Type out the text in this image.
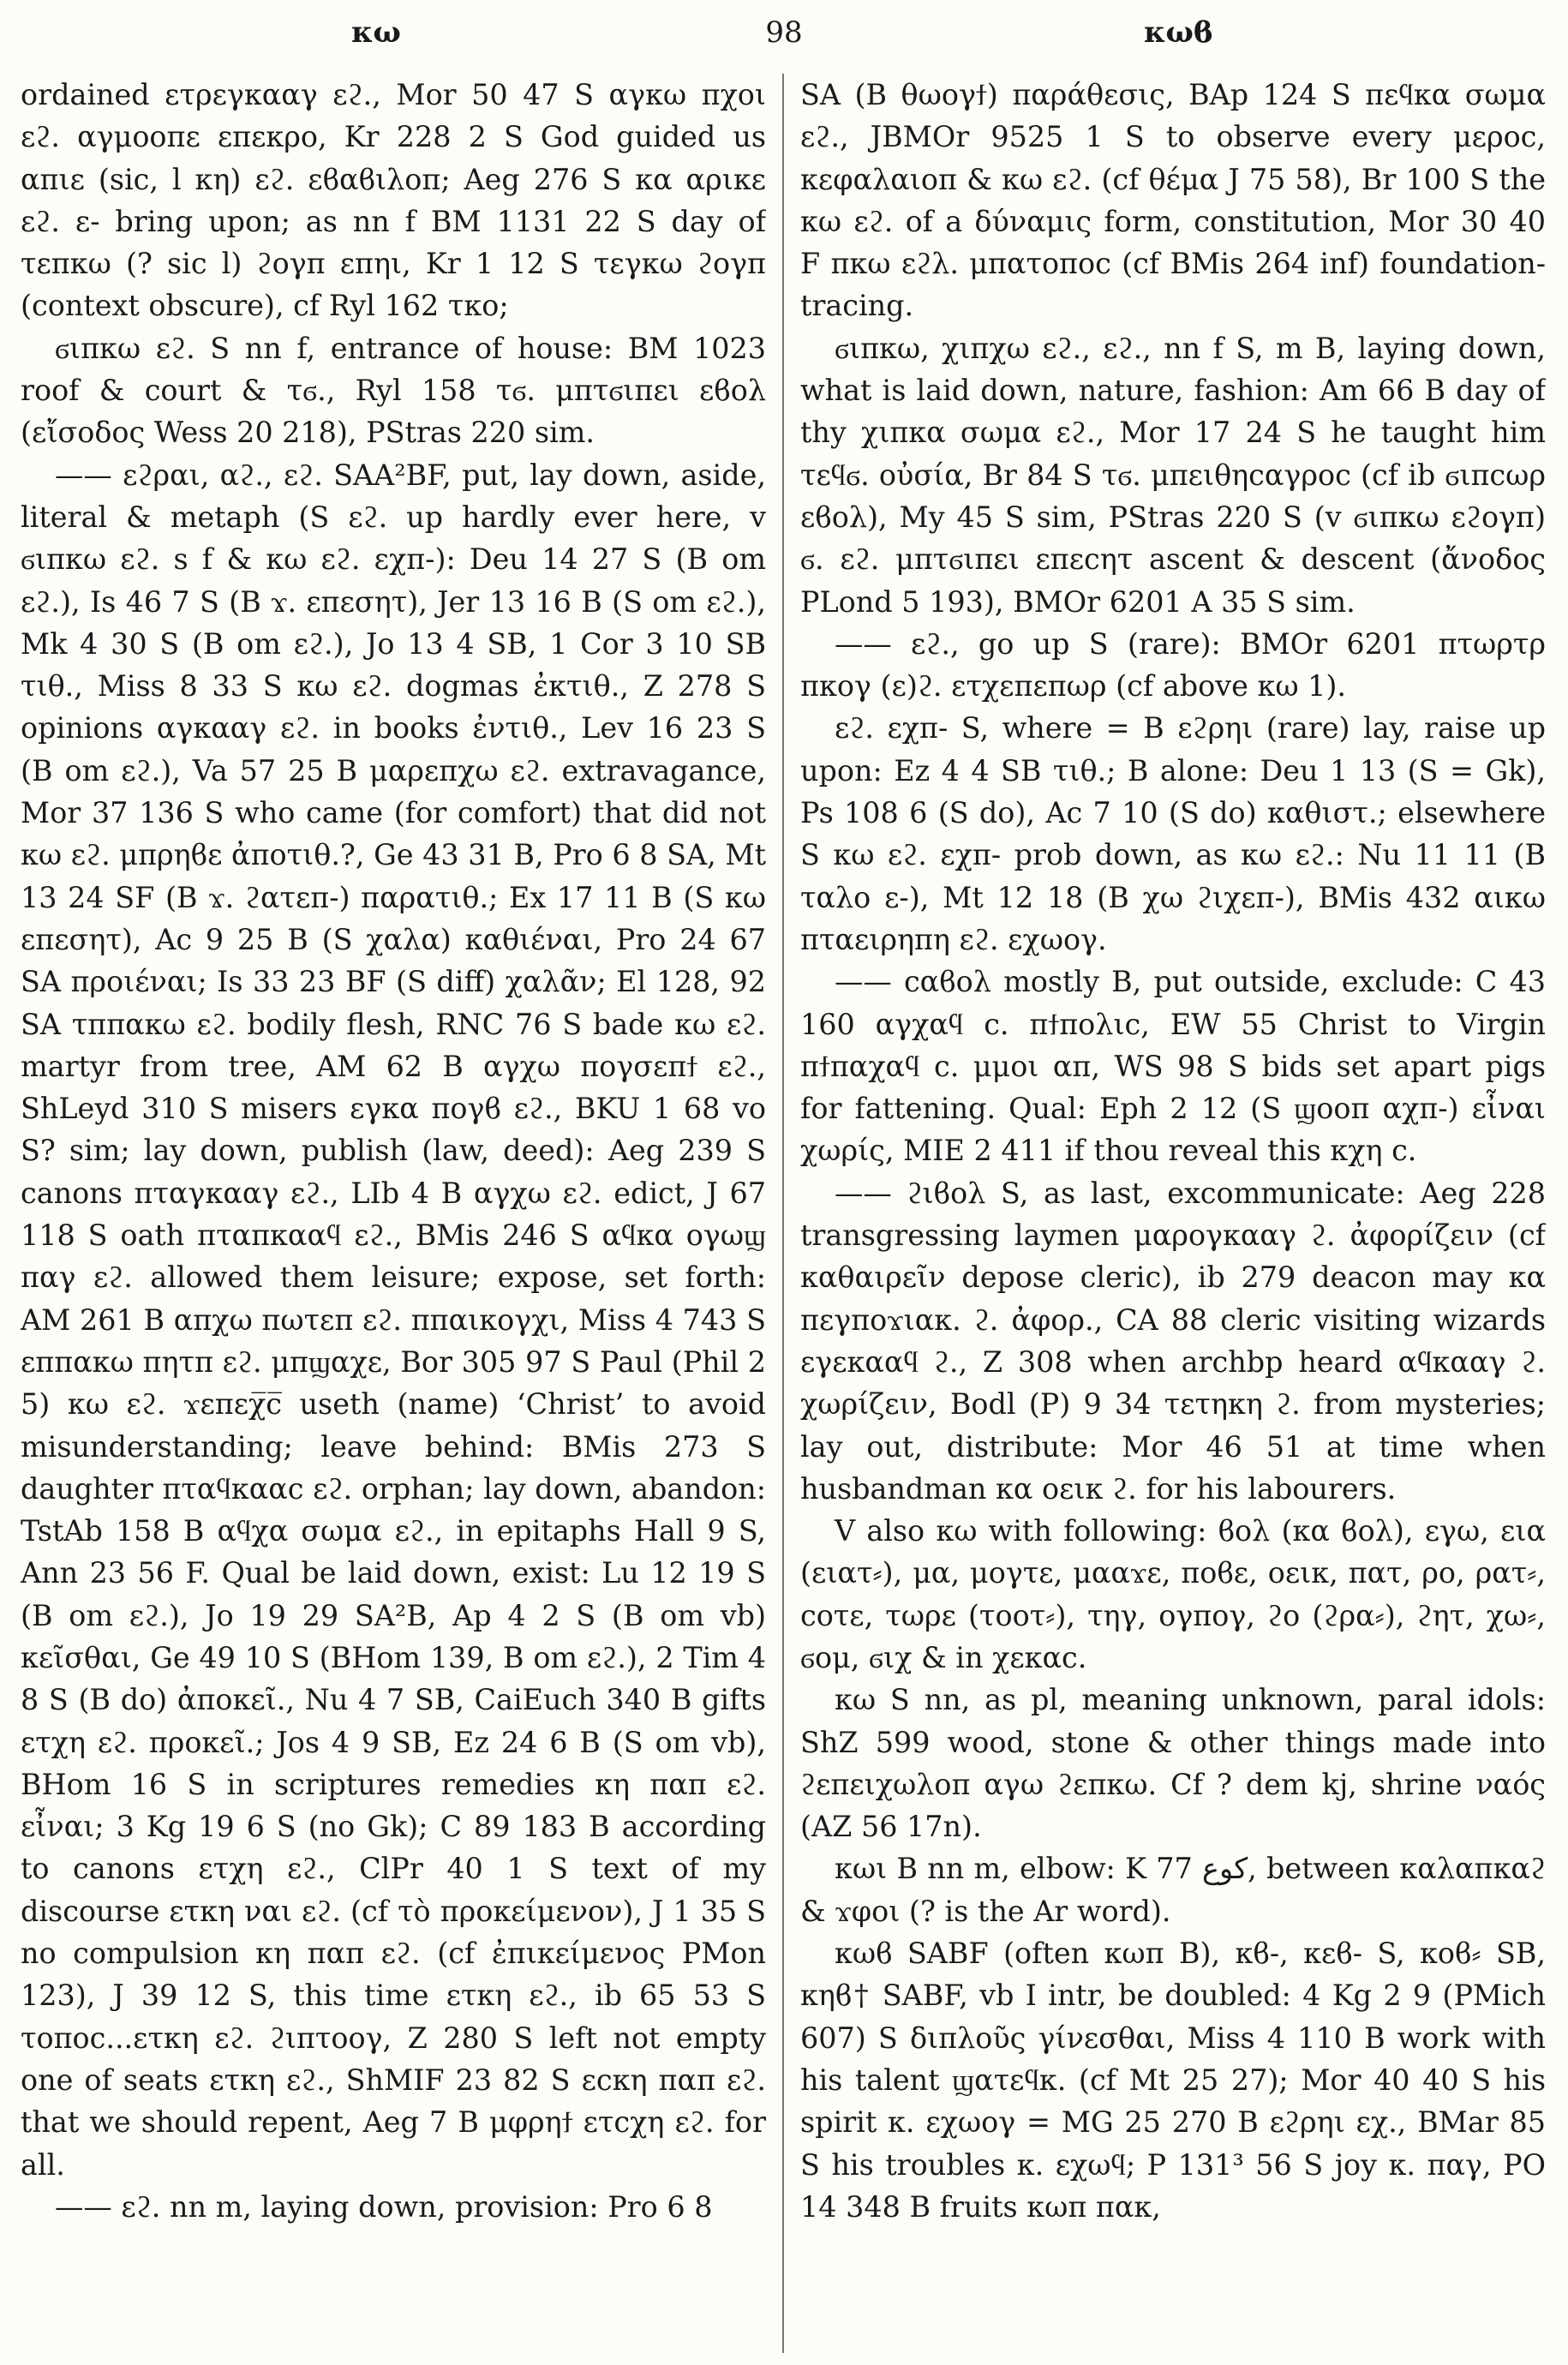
98
κω	κωϐ

ordained ετρεγκααγ εϩ., Mor 50 47 S αγκω πχοι εϩ. αγμοοπε επεκρο, Kr 228 2 S God guided us απιε (sic, l κη) εϩ. εϐαϐιλοπ; Aeg 276 S κα αρικε εϩ. ε- bring upon; as nn f BM 1131 22 S day of τεπκω (? sic l) ϩογπ επηι, Kr 1 12 S τεγκω ϩογπ (context obscure), cf Ryl 162 τκο;

ϭιπκω εϩ. S nn f, entrance of house: BM 1023 roof & court & τϭ., Ryl 158 τϭ. μπτϭιπει εϐολ (εἴσοδος Wess 20 218), PStras 220 sim.

—— εϩραι, αϩ., εϩ. SAA²BF, put, lay down, aside, literal & metaph (S εϩ. up hardly ever here, v ϭιπκω εϩ. s f & κω εϩ. εχπ-): Deu 14 27 S (B om εϩ.), Is 46 7 S (B ϫ. επεσητ), Jer 13 16 B (S om εϩ.), Mk 4 30 S (B om εϩ.), Jo 13 4 SB, 1 Cor 3 10 SB τιθ., Miss 8 33 S κω εϩ. dogmas ἐκτιθ., Z 278 S opinions αγκααγ εϩ. in books ἐντιθ., Lev 16 23 S (B om εϩ.), Va 57 25 B μαρεπχω εϩ. extravagance, Mor 37 136 S who came (for comfort) that did not κω εϩ. μπρηϐε ἀποτιθ.?, Ge 43 31 B, Pro 6 8 SA, Mt 13 24 SF (B ϫ. ϩατεπ-) παρατιθ.; Ex 17 11 B (S κω επεσητ), Ac 9 25 B (S χαλα) καθιέναι, Pro 24 67 SA προιέναι; Is 33 23 BF (S diff) χαλᾶν; El 128, 92 SA τππακω εϩ. bodily flesh, RNC 76 S bade κω εϩ. martyr from tree, AM 62 B αγχω πογσεπϯ εϩ., ShLeyd 310 S misers εγκα πογϐ εϩ., BKU 1 68 vo S? sim; lay down, publish (law, deed): Aeg 239 S canons πταγκααγ εϩ., LIb 4 B αγχω εϩ. edict, J 67 118 S oath πταπκααϥ εϩ., BMis 246 S αϥκα ογωϣ παγ εϩ. allowed them leisure; expose, set forth: AM 261 B απχω πωτεπ εϩ. ππαικογχι, Miss 4 743 S εππακω πητπ εϩ. μπϣαχε, Bor 305 97 S Paul (Phil 2 5) κω εϩ. ϫεπεχ̅ϲ̅ useth (name) ‘Christ’ to avoid misunderstanding; leave behind: BMis 273 S daughter πταϥκααϲ εϩ. orphan; lay down, abandon: TstAb 158 B αϥχα σωμα εϩ., in epitaphs Hall 9 S, Ann 23 56 F. Qual be laid down, exist: Lu 12 19 S (B om εϩ.), Jo 19 29 SA²B, Ap 4 2 S (B om vb) κεῖσθαι, Ge 49 10 S (BHom 139, B om εϩ.), 2 Tim 4 8 S (B do) ἀποκεῖ., Nu 4 7 SB, CaiEuch 340 B gifts ετχη εϩ. προκεῖ.; Jos 4 9 SB, Ez 24 6 B (S om vb), BHom 16 S in scriptures remedies κη παπ εϩ. εἶναι; 3 Kg 19 6 S (no Gk); C 89 183 B according to canons ετχη εϩ., ClPr 40 1 S text of my discourse ετκη ναι εϩ. (cf τὸ προκείμενον), J 1 35 S no compulsion κη παπ εϩ. (cf ἐπικείμενος PMon 123), J 39 12 S, this time ετκη εϩ., ib 65 53 S τοποϲ...ετκη εϩ. ϩιπτοογ, Z 280 S left not empty one of seats ετκη εϩ., ShMIF 23 82 S εϲκη παπ εϩ. that we should repent, Aeg 7 B μφρηϯ ετϲχη εϩ. for all.

—— εϩ. nn m, laying down, provision: Pro 6 8

SA (B θωογϯ) παράθεσις, BAp 124 S πεϥκα σωμα εϩ., JBMOr 9525 1 S to observe every μεροϲ, κεφαλαιοπ & κω εϩ. (cf θέμα J 75 58), Br 100 S the κω εϩ. of a δύναμις form, constitution, Mor 30 40 F πκω εϩλ. μπατοποϲ (cf BMis 264 inf) foundation-tracing.

ϭιπκω, χιπχω εϩ., εϩ., nn f S, m B, laying down, what is laid down, nature, fashion: Am 66 B day of thy χιπκα σωμα εϩ., Mor 17 24 S he taught him τεϥϭ. οὐσία, Br 84 S τϭ. μπειθηϲαγροϲ (cf ib ϭιπϲωρ εϐολ), My 45 S sim, PStras 220 S (v ϭιπκω εϩογπ) ϭ. εϩ. μπτϭιπει επεϲητ ascent & descent (ἄνοδος PLond 5 193), BMOr 6201 A 35 S sim.

—— εϩ., go up S (rare): BMOr 6201 πτωρτρ πκογ (ε)ϩ. ετχεπεπωρ (cf above κω 1).

εϩ. εχπ- S, where = B εϩρηι (rare) lay, raise up upon: Ez 4 4 SB τιθ.; B alone: Deu 1 13 (S = Gk), Ps 108 6 (S do), Ac 7 10 (S do) καθιστ.; elsewhere S κω εϩ. εχπ- prob down, as κω εϩ.: Nu 11 11 (B ταλο ε-), Mt 12 18 (B χω ϩιχεπ-), BMis 432 αικω πταειρηπη εϩ. εχωογ.

—— ϲαϐολ mostly B, put outside, exclude: C 43 160 αγχαϥ ϲ. πϯπολιϲ, EW 55 Christ to Virgin πϯπαχαϥ ϲ. μμοι απ, WS 98 S bids set apart pigs for fattening. Qual: Eph 2 12 (S ϣοοπ αχπ-) εἶναι χωρίς, MIE 2 411 if thou reveal this κχη ϲ.

—— ϩιϐολ S, as last, excommunicate: Aeg 228 transgressing laymen μαρογκααγ ϩ. ἀφορίζειν (cf καθαιρεῖν depose cleric), ib 279 deacon may κα πεγποϫιακ. ϩ. ἀφορ., CA 88 cleric visiting wizards εγεκααϥ ϩ., Z 308 when archbp heard αϥκααγ ϩ. χωρίζειν, Bodl (P) 9 34 τετηκη ϩ. from mysteries; lay out, distribute: Mor 46 51 at time when husbandman κα οεικ ϩ. for his labourers.

V also κω with following: ϐολ (κα ϐολ), εγω, εια (ειατ⸗), μα, μογτε, μααϫε, ποϐε, οεικ, πατ, ρο, ρατ⸗, ϲοτε, τωρε (τοοτ⸗), τηγ, ογπογ, ϩο (ϩρα⸗), ϩητ, χω⸗, ϭομ, ϭιχ & in χεκαϲ.

κω S nn, as pl, meaning unknown, paral idols: ShZ 599 wood, stone & other things made into ϩεπειχωλοπ αγω ϩεπκω. Cf ? dem kj, shrine ναός (AZ 56 17n).

κωι B nn m, elbow: K 77 كوع, between καλαπκαϩ & ϫφοι (? is the Ar word).

κωϐ SABF (often κωπ B), κϐ-, κεϐ- S, κοϐ⸗ SB, κηϐ† SABF, vb I intr, be doubled: 4 Kg 2 9 (PMich 607) S διπλοῦς γίνεσθαι, Miss 4 110 B work with his talent ϣατεϥκ. (cf Mt 25 27); Mor 40 40 S his spirit κ. εχωογ = MG 25 270 B εϩρηι εχ., BMar 85 S his troubles κ. εχωϥ; P 131³ 56 S joy κ. παγ, PO 14 348 B fruits κωπ πακ,
